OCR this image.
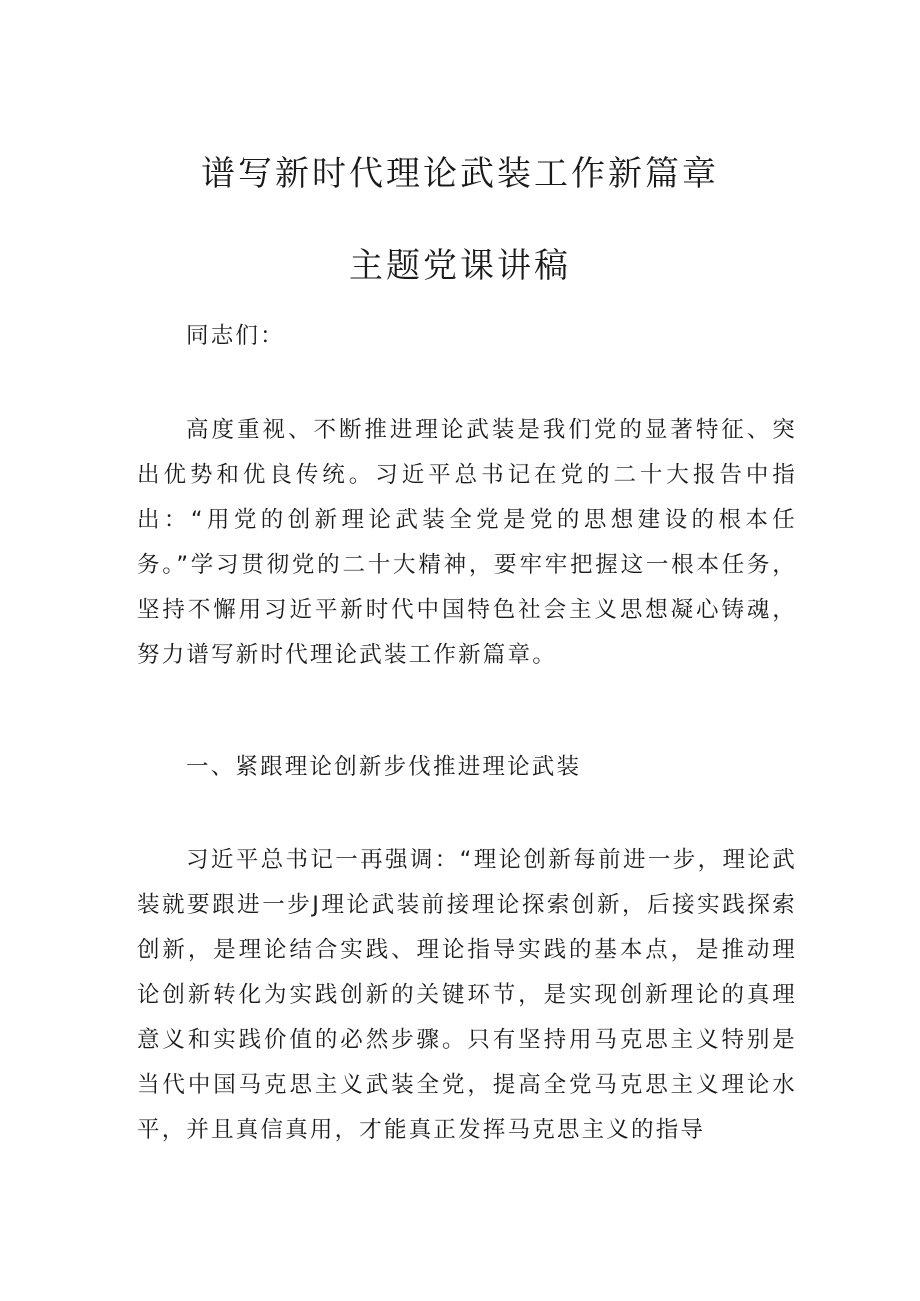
谱写新时代理论武装工作新篇章
主题党课讲稿

同志们：

高度重视、不断推进理论武装是我们党的显著特征、突出优势和优良传统。习近平总书记在党的二十大报告中指出：“用党的创新理论武装全党是党的思想建设的根本任务。”学习贯彻党的二十大精神，要牢牢把握这一根本任务，坚持不懈用习近平新时代中国特色社会主义思想凝心铸魂，努力谱写新时代理论武装工作新篇章。

一、紧跟理论创新步伐推进理论武装

习近平总书记一再强调：“理论创新每前进一步，理论武装就要跟进一步J理论武装前接理论探索创新，后接实践探索创新，是理论结合实践、理论指导实践的基本点，是推动理论创新转化为实践创新的关键环节，是实现创新理论的真理意义和实践价值的必然步骤。只有坚持用马克思主义特别是当代中国马克思主义武装全党，提高全党马克思主义理论水平，并且真信真用，才能真正发挥马克思主义的指导
